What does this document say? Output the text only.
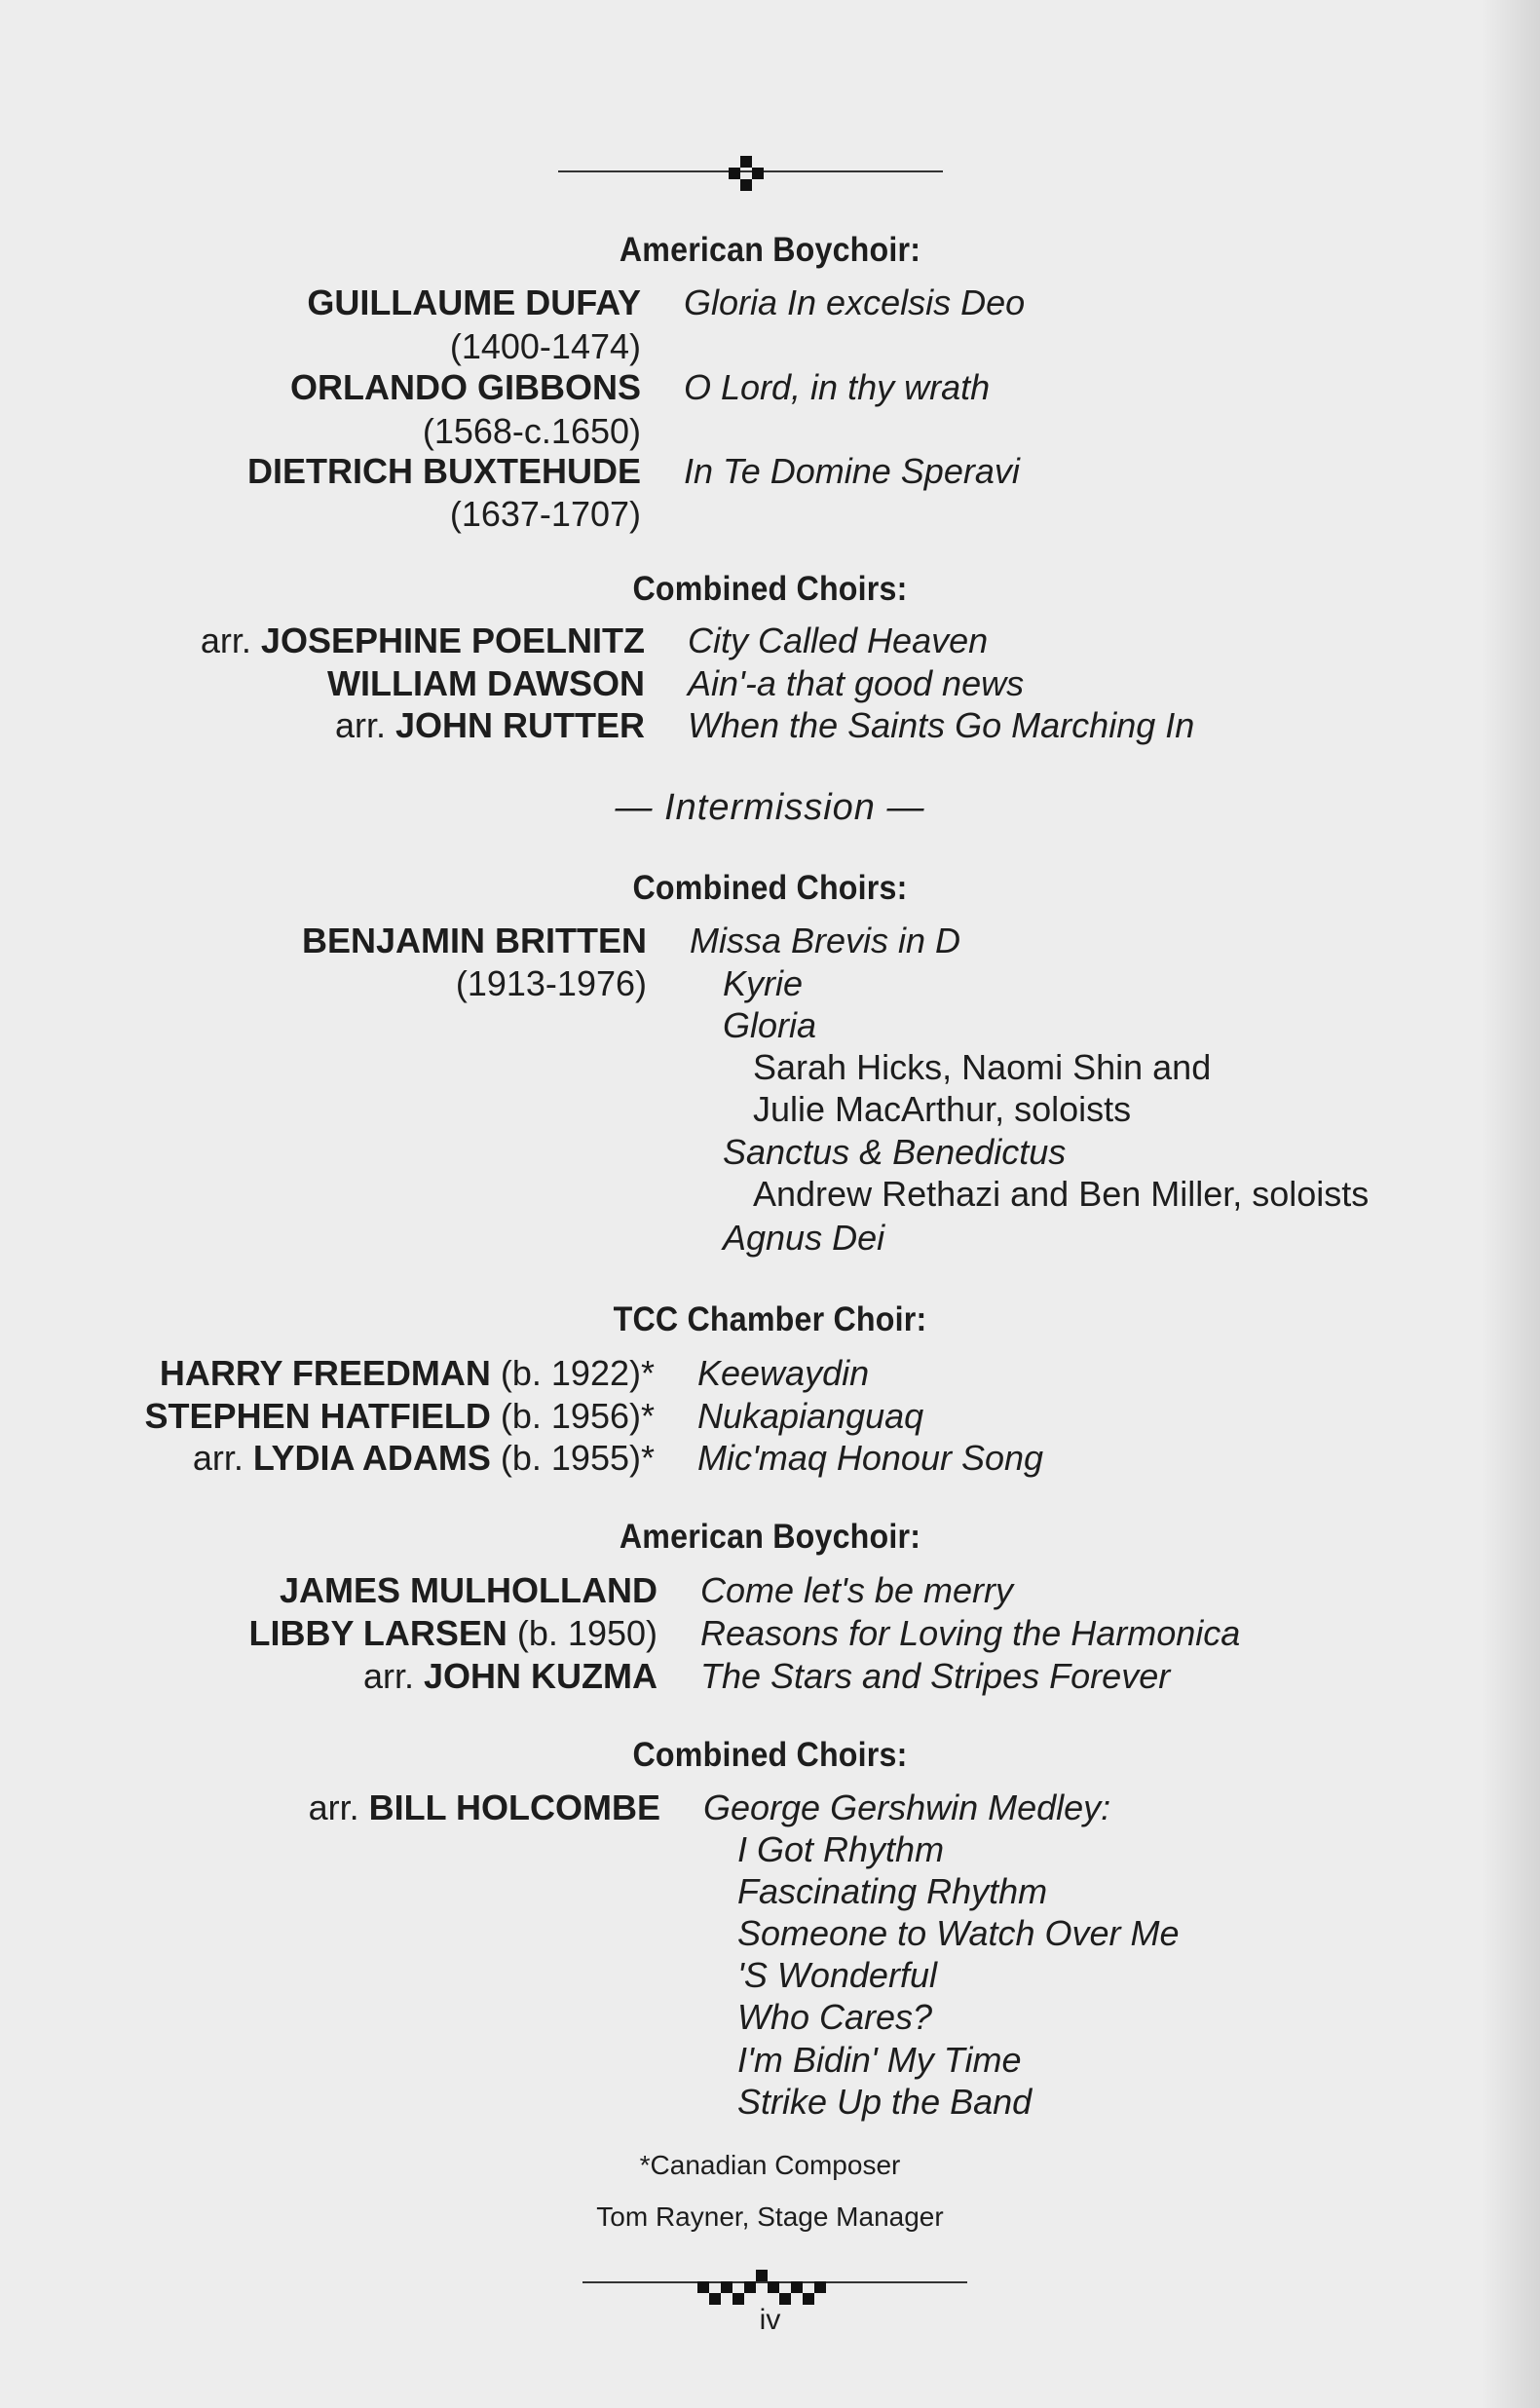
American Boychoir:
GUILLAUME DUFAY Gloria In excelsis Deo
(1400-1474)
ORLANDO GIBBONS O Lord, in thy wrath
(1568-c.1650)
DIETRICH BUXTEHUDE In Te Domine Speravi
(1637-1707)
Combined Choirs:
arr. JOSEPHINE POELNITZ City Called Heaven
WILLIAM DAWSON Ain'-a that good news
arr. JOHN RUTTER When the Saints Go Marching In
— Intermission —
Combined Choirs:
BENJAMIN BRITTEN Missa Brevis in D
(1913-1976) Kyrie
Gloria
Sarah Hicks, Naomi Shin and
Julie MacArthur, soloists
Sanctus & Benedictus
Andrew Rethazi and Ben Miller, soloists
Agnus Dei
TCC Chamber Choir:
HARRY FREEDMAN (b. 1922)* Keewaydin
STEPHEN HATFIELD (b. 1956)* Nukapianguaq
arr. LYDIA ADAMS (b. 1955)* Mic'maq Honour Song
American Boychoir:
JAMES MULHOLLAND Come let's be merry
LIBBY LARSEN (b. 1950) Reasons for Loving the Harmonica
arr. JOHN KUZMA The Stars and Stripes Forever
Combined Choirs:
arr. BILL HOLCOMBE George Gershwin Medley:
I Got Rhythm
Fascinating Rhythm
Someone to Watch Over Me
'S Wonderful
Who Cares?
I'm Bidin' My Time
Strike Up the Band
*Canadian Composer
Tom Rayner, Stage Manager
iv
